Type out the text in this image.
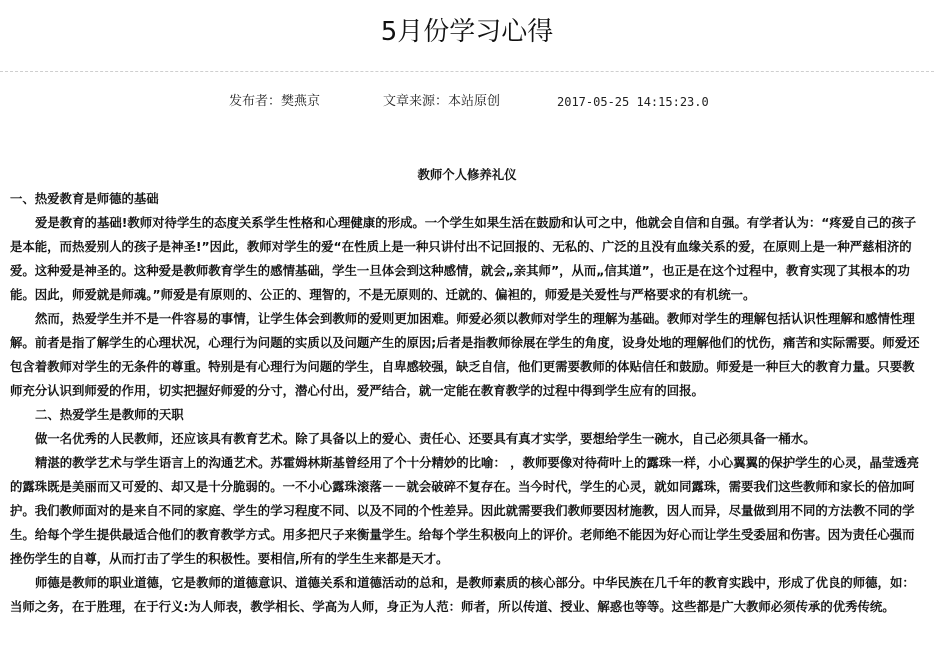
5月份学习心得
发布者：樊燕京	文章来源：本站原创	2017-05-25 14:15:23.0

教师个人修养礼仪

一、热爱教育是师德的基础

爱是教育的基础!教师对待学生的态度关系学生性格和心理健康的形成。一个学生如果生活在鼓励和认可之中，他就会自信和自强。有学者认为：“疼爱自己的孩子是本能，而热爱别人的孩子是神圣!”因此，教师对学生的爱“在性质上是一种只讲付出不记回报的、无私的、广泛的且没有血缘关系的爱，在原则上是一种严慈相济的爱。这种爱是神圣的。这种爱是教师教育学生的感情基础，学生一旦体会到这种感情，就会„亲其师”，从而„信其道”，也正是在这个过程中，教育实现了其根本的功能。因此，师爱就是师魂。”师爱是有原则的、公正的、理智的，不是无原则的、迁就的、偏袒的，师爱是关爱性与严格要求的有机统一。

然而，热爱学生并不是一件容易的事情，让学生体会到教师的爱则更加困难。师爱必须以教师对学生的理解为基础。教师对学生的理解包括认识性理解和感情性理解。前者是指了解学生的心理状况，心理行为问题的实质以及问题产生的原因;后者是指教师徐展在学生的角度，设身处地的理解他们的忧伤，痛苦和实际需要。师爱还包含着教师对学生的无条件的尊重。特别是有心理行为问题的学生，自卑感较强，缺乏自信，他们更需要教师的体贴信任和鼓励。师爱是一种巨大的教育力量。只要教师充分认识到师爱的作用，切实把握好师爱的分寸，潜心付出，爱严结合，就一定能在教育教学的过程中得到学生应有的回报。

二、热爱学生是教师的天职

做一名优秀的人民教师，还应该具有教育艺术。除了具备以上的爱心、责任心、还要具有真才实学，要想给学生一碗水，自己必须具备一桶水。

精湛的教学艺术与学生语言上的沟通艺术。苏霍姆林斯基曾经用了个十分精妙的比喻： ，教师要像对待荷叶上的露珠一样，小心翼翼的保护学生的心灵，晶莹透亮的露珠既是美丽而又可爱的、却又是十分脆弱的。一不小心露珠滚落－－就会破碎不复存在。当今时代，学生的心灵，就如同露珠，需要我们这些教师和家长的倍加呵护。我们教师面对的是来自不同的家庭、学生的学习程度不同、以及不同的个性差异。因此就需要我们教师要因材施教，因人而异，尽量做到用不同的方法教不同的学生。给每个学生提供最适合他们的教育教学方式。用多把尺子来衡量学生。给每个学生积极向上的评价。老师绝不能因为好心而让学生受委屈和伤害。因为责任心强而挫伤学生的自尊，从而打击了学生的积极性。要相信,所有的学生生来都是天才。

师德是教师的职业道德，它是教师的道德意识、道德关系和道德活动的总和，是教师素质的核心部分。中华民族在几千年的教育实践中，形成了优良的师德，如：当师之务，在于胜理，在于行义:为人师表，教学相长、学高为人师，身正为人范：师者，所以传道、授业、解惑也等等。这些都是广大教师必须传承的优秀传统。
